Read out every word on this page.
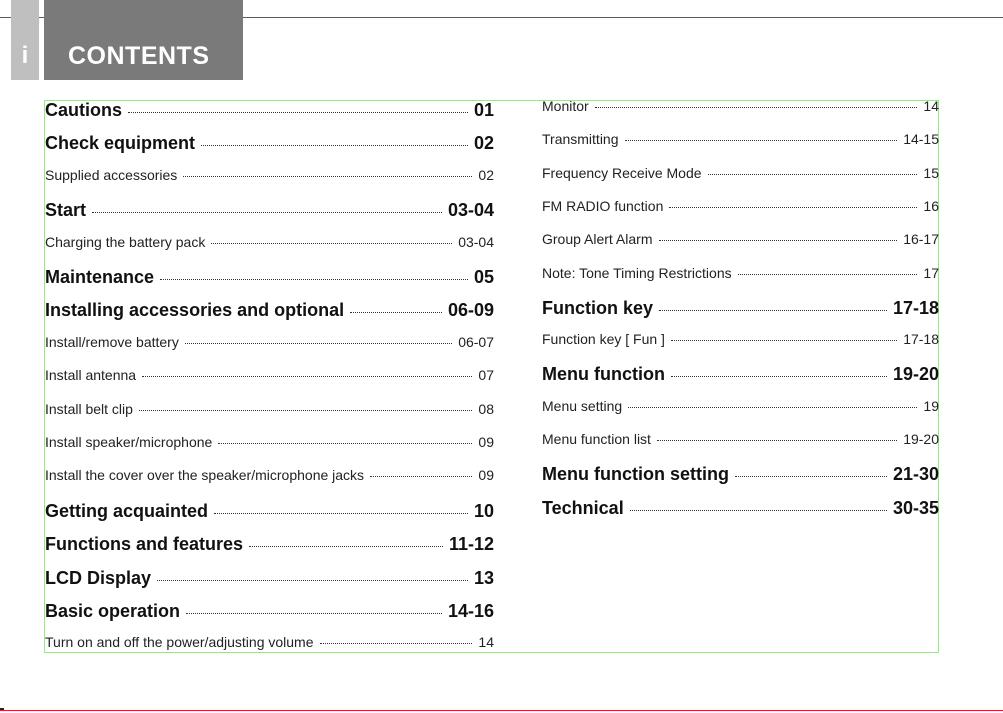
i	CONTENTS
Cautions	01
Check equipment	02
Supplied accessories	02
Start	03-04
Charging the battery pack	03-04
Maintenance	05
Installing accessories and optional	06-09
Install/remove battery	06-07
Install antenna	07
Install belt clip	08
Install speaker/microphone	09
Install the cover over the speaker/microphone jacks	09
Getting acquainted	10
Functions and features	11-12
LCD Display	13
Basic operation	14-16
Turn on and off the power/adjusting volume	14
Monitor	14
Transmitting	14-15
Frequency Receive Mode	15
FM RADIO function	16
Group Alert Alarm	16-17
Note: Tone Timing Restrictions	17
Function key	17-18
Function key [ Fun ]	17-18
Menu function	19-20
Menu setting	19
Menu function list	19-20
Menu function setting	21-30
Technical	30-35
